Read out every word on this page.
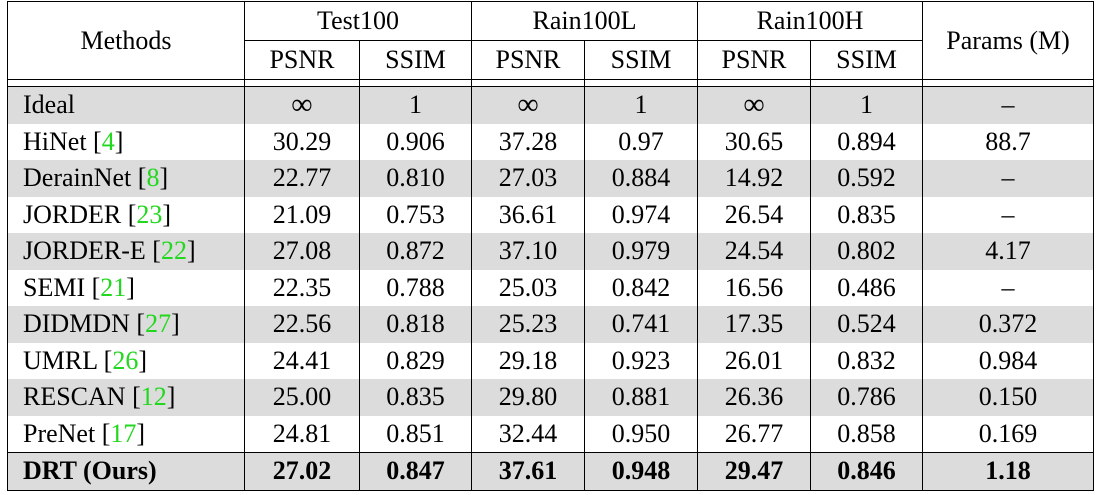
Methods	Test100		Rain100L		Rain100H		Params (M)
	PSNR	SSIM	PSNR	SSIM	PSNR	SSIM	

Ideal	∞	1	∞	1	∞	1	–
HiNet [4]	30.29	0.906	37.28	0.97	30.65	0.894	88.7
DerainNet [8]	22.77	0.810	27.03	0.884	14.92	0.592	–
JORDER [23]	21.09	0.753	36.61	0.974	26.54	0.835	–
JORDER-E [22]	27.08	0.872	37.10	0.979	24.54	0.802	4.17
SEMI [21]	22.35	0.788	25.03	0.842	16.56	0.486	–
DIDMDN [27]	22.56	0.818	25.23	0.741	17.35	0.524	0.372
UMRL [26]	24.41	0.829	29.18	0.923	26.01	0.832	0.984
RESCAN [12]	25.00	0.835	29.80	0.881	26.36	0.786	0.150
PreNet [17]	24.81	0.851	32.44	0.950	26.77	0.858	0.169
DRT (Ours)	27.02	0.847	37.61	0.948	29.47	0.846	1.18
